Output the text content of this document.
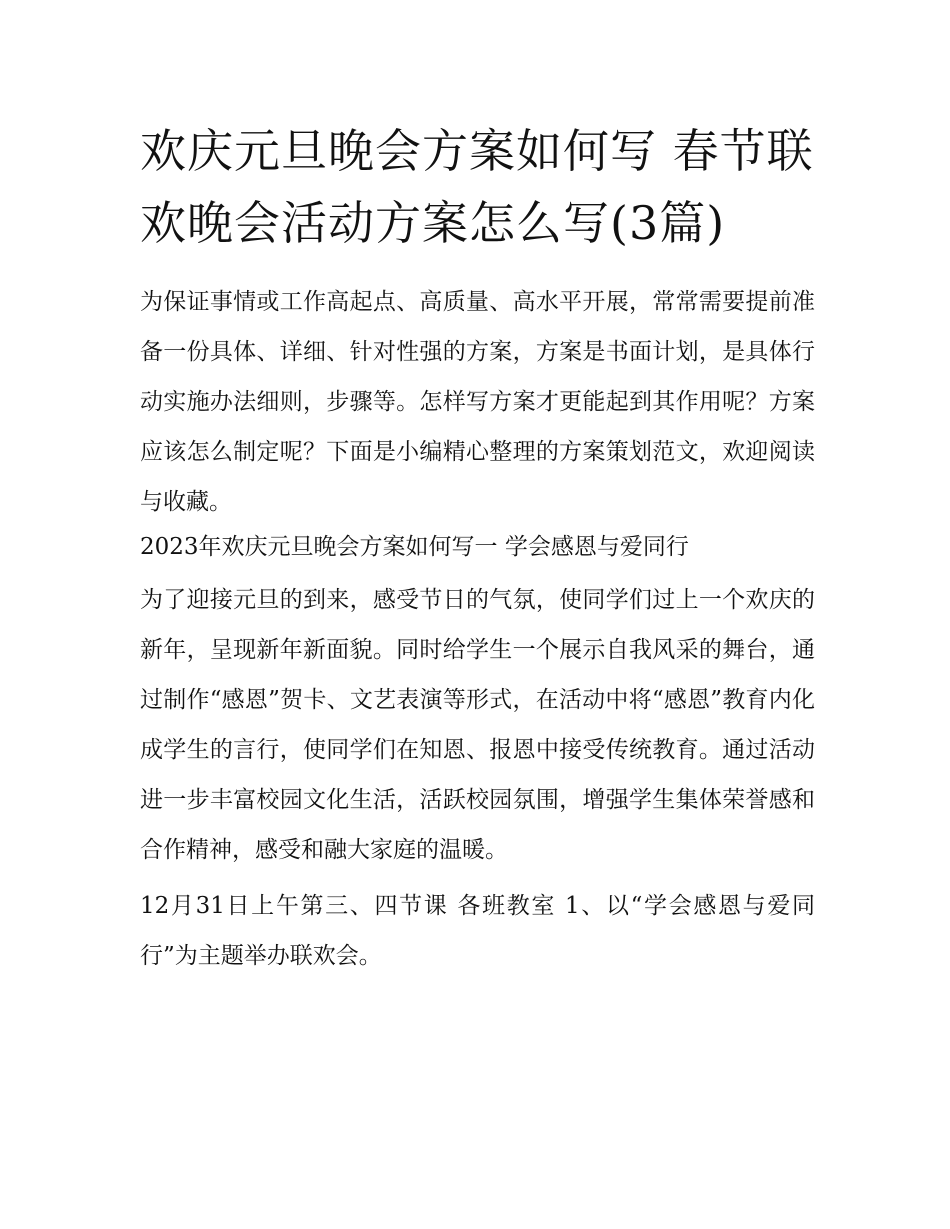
欢庆元旦晚会方案如何写 春节联欢晚会活动方案怎么写(3篇)

为保证事情或工作高起点、高质量、高水平开展，常常需要提前准备一份具体、详细、针对性强的方案，方案是书面计划，是具体行动实施办法细则，步骤等。怎样写方案才更能起到其作用呢？方案应该怎么制定呢？下面是小编精心整理的方案策划范文，欢迎阅读与收藏。

2023年欢庆元旦晚会方案如何写一 学会感恩与爱同行

为了迎接元旦的到来，感受节日的气氛，使同学们过上一个欢庆的新年，呈现新年新面貌。同时给学生一个展示自我风采的舞台，通过制作“感恩”贺卡、文艺表演等形式，在活动中将“感恩”教育内化成学生的言行，使同学们在知恩、报恩中接受传统教育。通过活动进一步丰富校园文化生活，活跃校园氛围，增强学生集体荣誉感和合作精神，感受和融大家庭的温暖。

12月31日上午第三、四节课 各班教室 1、以“学会感恩与爱同行”为主题举办联欢会。
